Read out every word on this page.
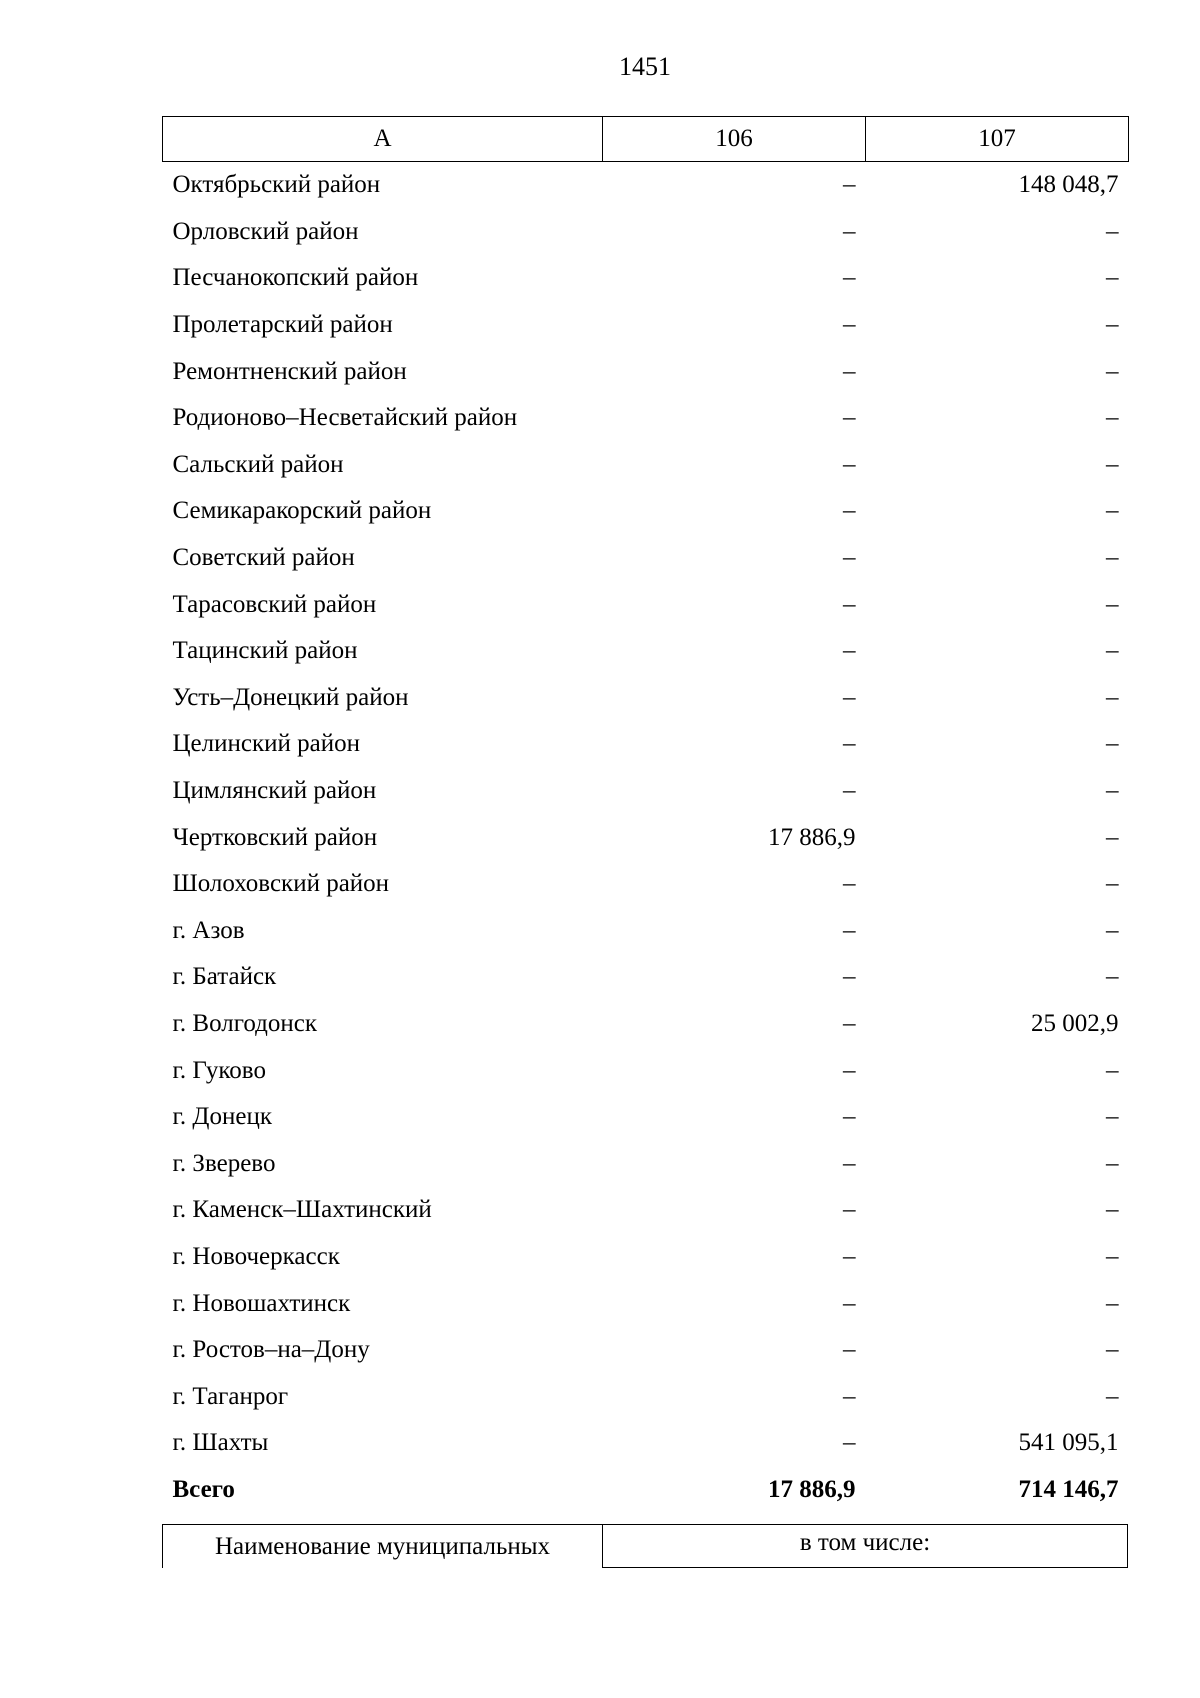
1451
А	106	107
Октябрьский район	–	148 048,7
Орловский район	–	–
Песчанокопский район	–	–
Пролетарский район	–	–
Ремонтненский район	–	–
Родионово–Несветайский район	–	–
Сальский район	–	–
Семикаракорский район	–	–
Советский район	–	–
Тарасовский район	–	–
Тацинский район	–	–
Усть–Донецкий район	–	–
Целинский район	–	–
Цимлянский район	–	–
Чертковский район	17 886,9	–
Шолоховский район	–	–
г. Азов	–	–
г. Батайск	–	–
г. Волгодонск	–	25 002,9
г. Гуково	–	–
г. Донецк	–	–
г. Зверево	–	–
г. Каменск–Шахтинский	–	–
г. Новочеркасск	–	–
г. Новошахтинск	–	–
г. Ростов–на–Дону	–	–
г. Таганрог	–	–
г. Шахты	–	541 095,1
Всего	17 886,9	714 146,7
Наименование муниципальных	в том числе:
